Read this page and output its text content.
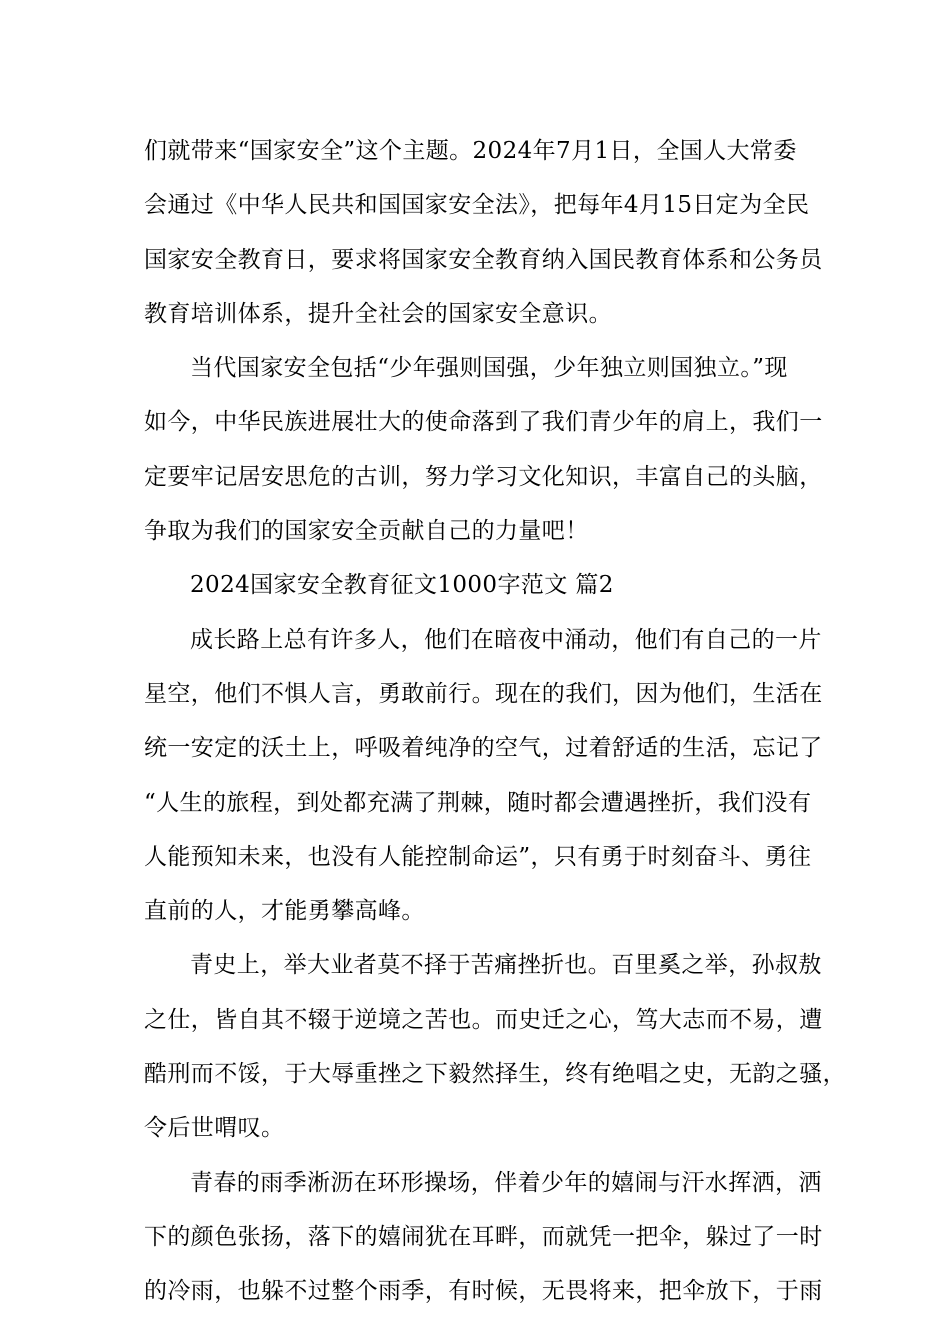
们就带来“国家安全”这个主题。2024年7月1日，全国人大常委
会通过《中华人民共和国国家安全法》，把每年4月15日定为全民
国家安全教育日，要求将国家安全教育纳入国民教育体系和公务员
教育培训体系，提升全社会的国家安全意识。
当代国家安全包括“少年强则国强，少年独立则国独立。”现
如今，中华民族进展壮大的使命落到了我们青少年的肩上，我们一
定要牢记居安思危的古训，努力学习文化知识，丰富自己的头脑，
争取为我们的国家安全贡献自己的力量吧！
2024国家安全教育征文1000字范文 篇2
成长路上总有许多人，他们在暗夜中涌动，他们有自己的一片
星空，他们不惧人言，勇敢前行。现在的我们，因为他们，生活在
统一安定的沃土上，呼吸着纯净的空气，过着舒适的生活，忘记了
“人生的旅程，到处都充满了荆棘，随时都会遭遇挫折，我们没有
人能预知未来，也没有人能控制命运”，只有勇于时刻奋斗、勇往
直前的人，才能勇攀高峰。
青史上，举大业者莫不择于苦痛挫折也。百里奚之举，孙叔敖
之仕，皆自其不辍于逆境之苦也。而史迁之心，笃大志而不易，遭
酷刑而不馁，于大辱重挫之下毅然择生，终有绝唱之史，无韵之骚，
令后世喟叹。
青春的雨季淅沥在环形操场，伴着少年的嬉闹与汗水挥洒，洒
下的颜色张扬，落下的嬉闹犹在耳畔，而就凭一把伞，躲过了一时
的冷雨，也躲不过整个雨季，有时候，无畏将来，把伞放下，于雨
